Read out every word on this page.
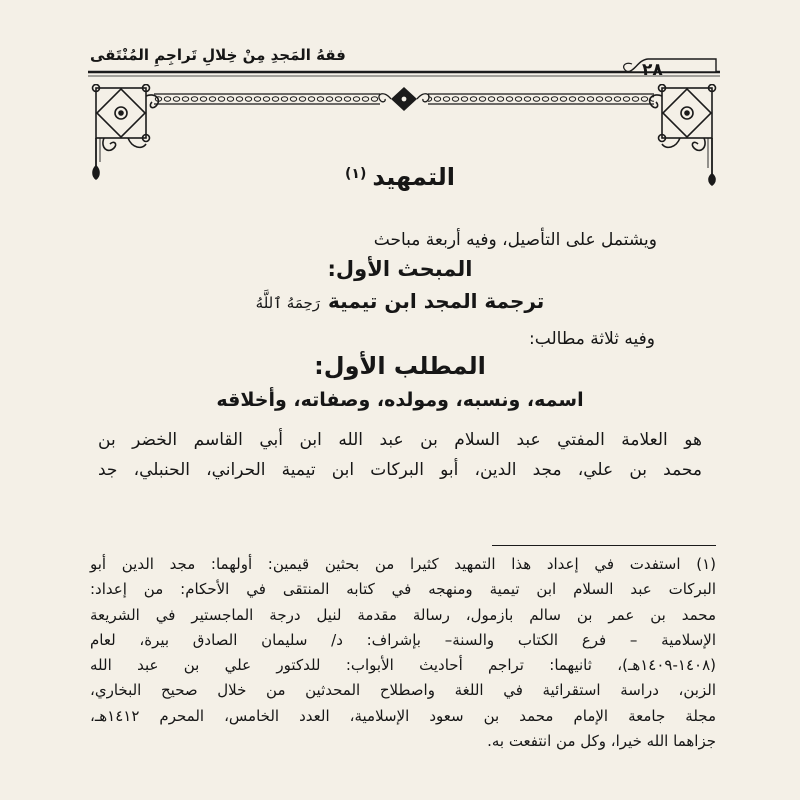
فقهُ المَجدِ مِنْ خِلالِ تَراجِمِ المُنْتَقى
٢٨
التمهيد$^{(١)}$
ويشتمل على التأصيل، وفيه أربعة مباحث
المبحث الأول:
ترجمة المجد ابن تيميةرَحِمَهُ ٱللَّهُ
وفيه ثلاثة مطالب:
المطلب الأول:
اسمه، ونسبه، ومولده، وصفاته، وأخلاقه
هو العلامة المفتي عبد السلام بن عبد الله ابن أبي القاسم الخضر بن
محمد بن علي، مجد الدين، أبو البركات ابن تيمية الحراني، الحنبلي، جد
(١) استفدت في إعداد هذا التمهيد كثيرا من بحثين قيمين: أولهما: مجد الدين أبو
البركات عبد السلام ابن تيمية ومنهجه في كتابه المنتقى في الأحكام: من إعداد:
محمد بن عمر بن سالم بازمول، رسالة مقدمة لنيل درجة الماجستير في الشريعة
الإسلامية – فرع الكتاب والسنة– بإشراف: د/ سليمان الصادق بيرة، لعام
(١٤٠٨-١٤٠٩هـ)، ثانيهما: تراجم أحاديث الأبواب: للدكتور علي بن عبد الله
الزبن، دراسة استقرائية في اللغة واصطلاح المحدثين من خلال صحيح البخاري،
مجلة جامعة الإمام محمد بن سعود الإسلامية، العدد الخامس، المحرم ١٤١٢هـ،
جزاهما الله خيرا، وكل من انتفعت به.
